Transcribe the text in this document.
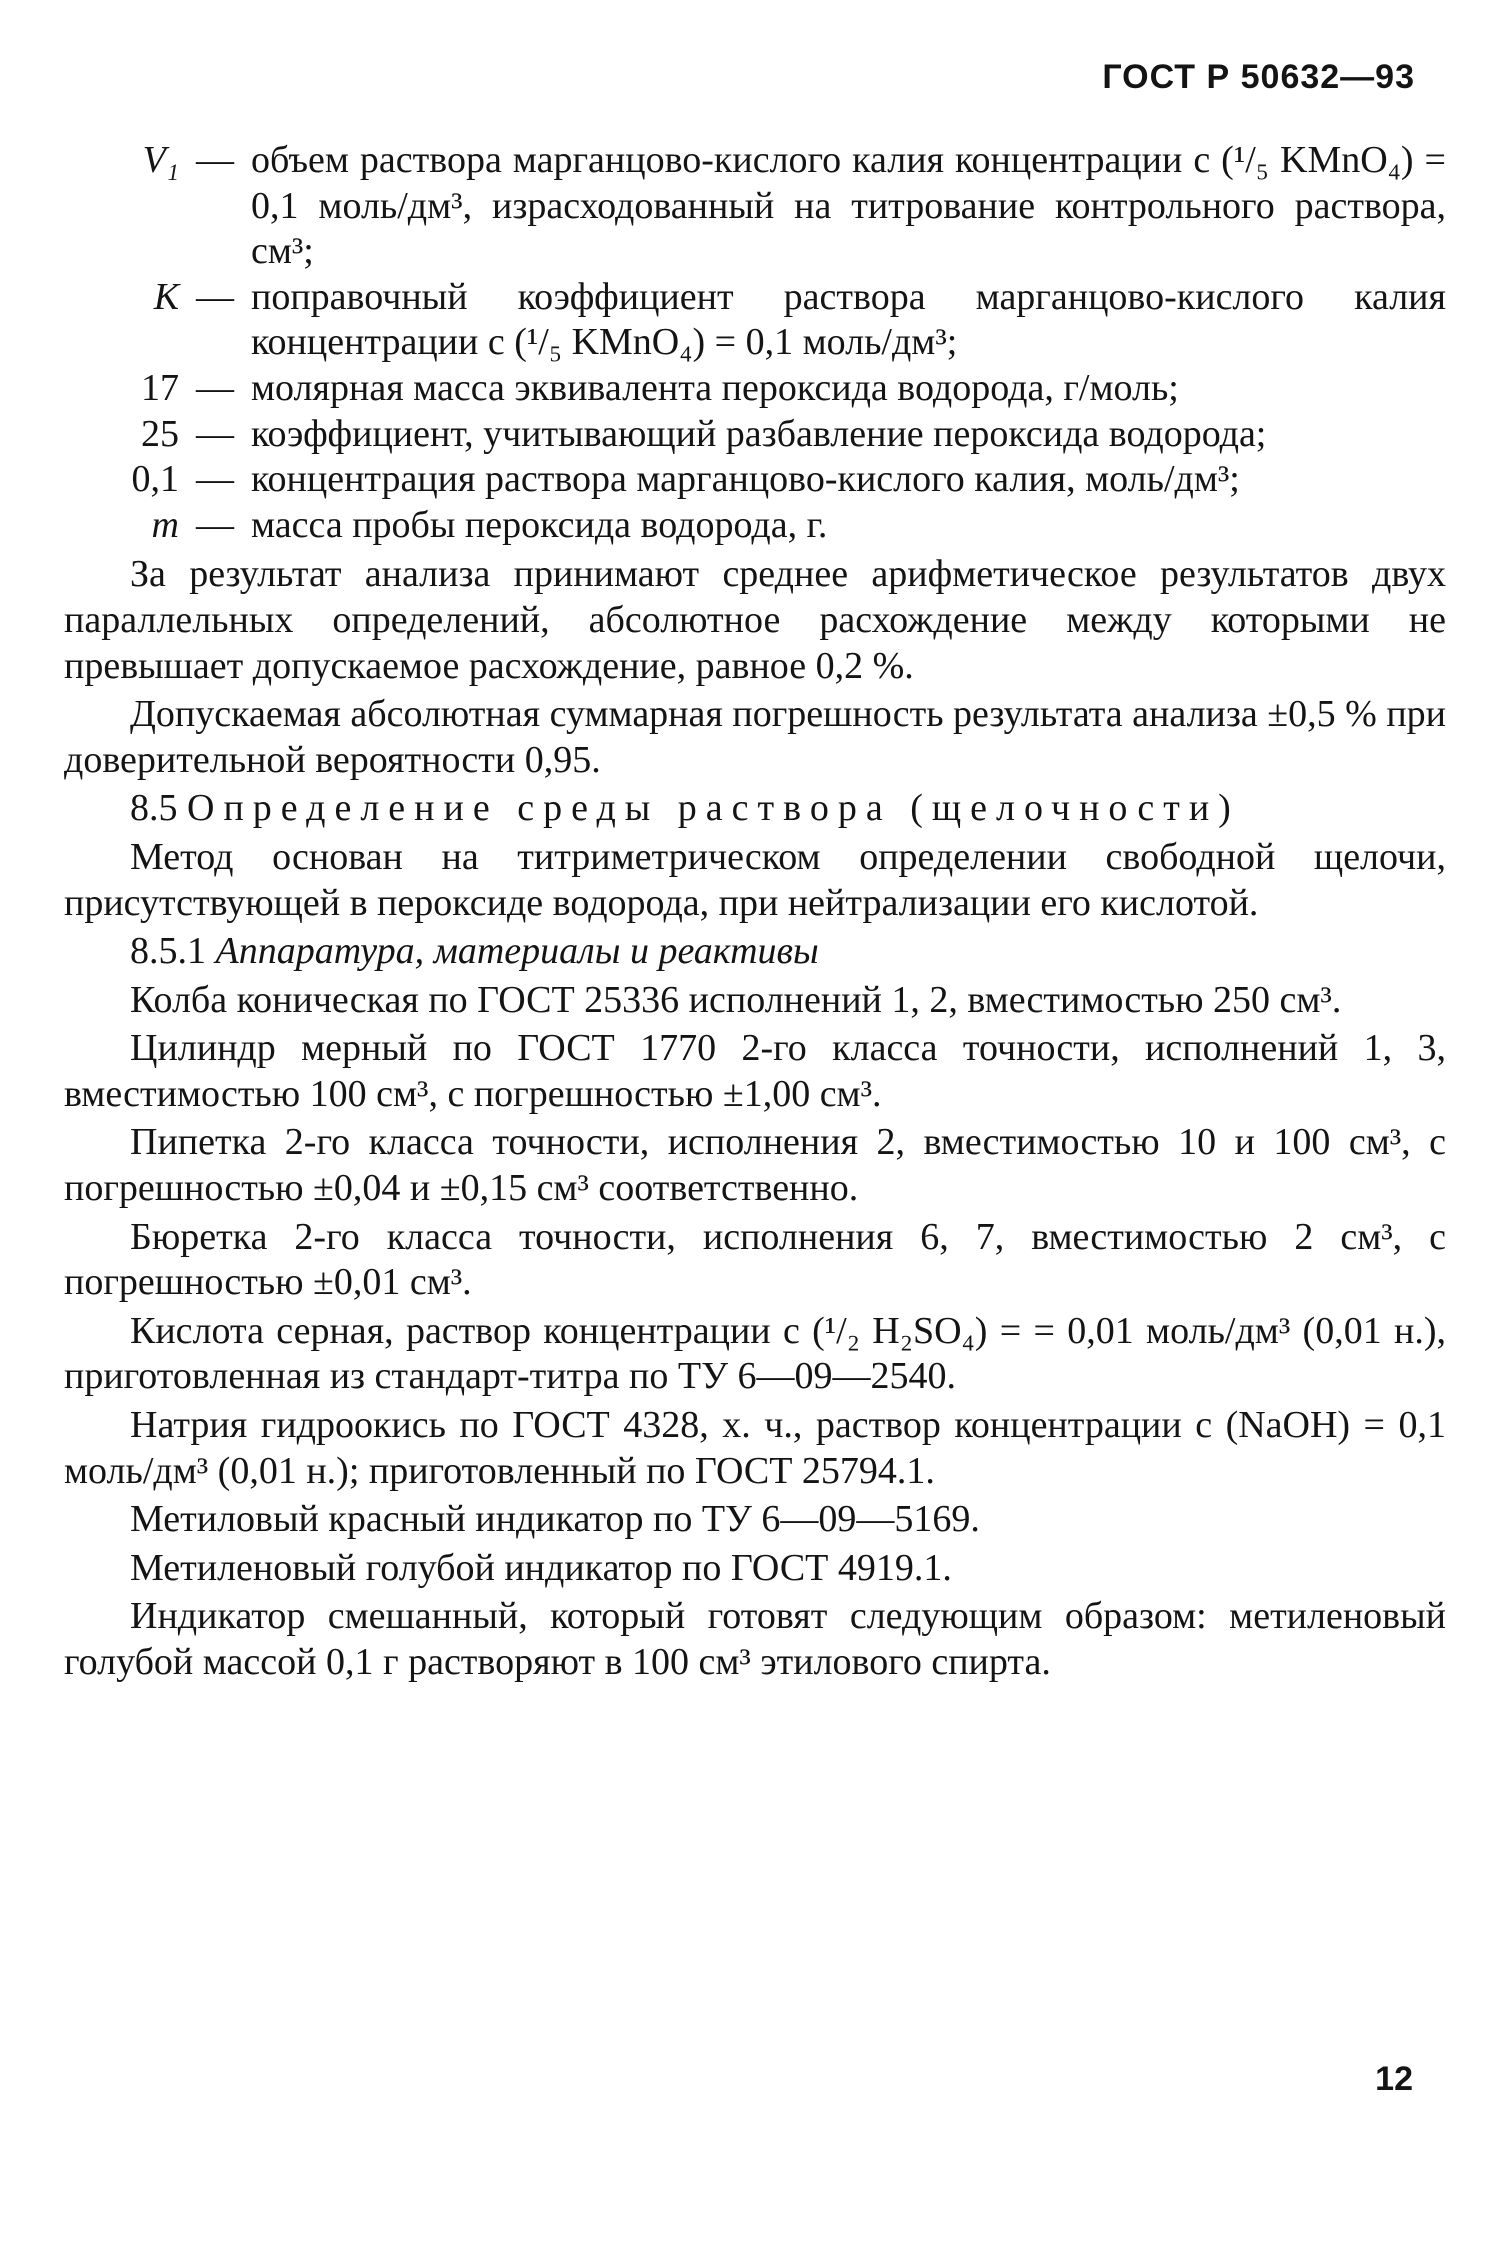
ГОСТ Р 50632—93
V₁ — объем раствора марганцово-кислого калия концентрации с (¹/₅ KMnO₄) = 0,1 моль/дм³, израсходованный на титрование контрольного раствора, см³;
К — поправочный коэффициент раствора марганцово-кислого калия концентрации с (¹/₅ KMnO₄) = 0,1 моль/дм³;
17 — молярная масса эквивалента пероксида водорода, г/моль;
25 — коэффициент, учитывающий разбавление пероксида водорода;
0,1 — концентрация раствора марганцово-кислого калия, моль/дм³;
m — масса пробы пероксида водорода, г.

За результат анализа принимают среднее арифметическое результатов двух параллельных определений, абсолютное расхождение между которыми не превышает допускаемое расхождение, равное 0,2 %.

Допускаемая абсолютная суммарная погрешность результата анализа ±0,5 % при доверительной вероятности 0,95.

8.5 Определение среды раствора (щелочности)

Метод основан на титриметрическом определении свободной щелочи, присутствующей в пероксиде водорода, при нейтрализации его кислотой.

8.5.1 Аппаратура, материалы и реактивы

Колба коническая по ГОСТ 25336 исполнений 1, 2, вместимостью 250 см³.

Цилиндр мерный по ГОСТ 1770 2-го класса точности, исполнений 1, 3, вместимостью 100 см³, с погрешностью ±1,00 см³.

Пипетка 2-го класса точности, исполнения 2, вместимостью 10 и 100 см³, с погрешностью ±0,04 и ±0,15 см³ соответственно.

Бюретка 2-го класса точности, исполнения 6, 7, вместимостью 2 см³, с погрешностью ±0,01 см³.

Кислота серная, раствор концентрации с (¹/₂ H₂SO₄) = = 0,01 моль/дм³ (0,01 н.), приготовленная из стандарт-титра по ТУ 6—09—2540.

Натрия гидроокись по ГОСТ 4328, х. ч., раствор концентрации с (NaOH) = 0,1 моль/дм³ (0,01 н.); приготовленный по ГОСТ 25794.1.

Метиловый красный индикатор по ТУ 6—09—5169.

Метиленовый голубой индикатор по ГОСТ 4919.1.

Индикатор смешанный, который готовят следующим образом: метиленовый голубой массой 0,1 г растворяют в 100 см³ этилового спирта.

12
